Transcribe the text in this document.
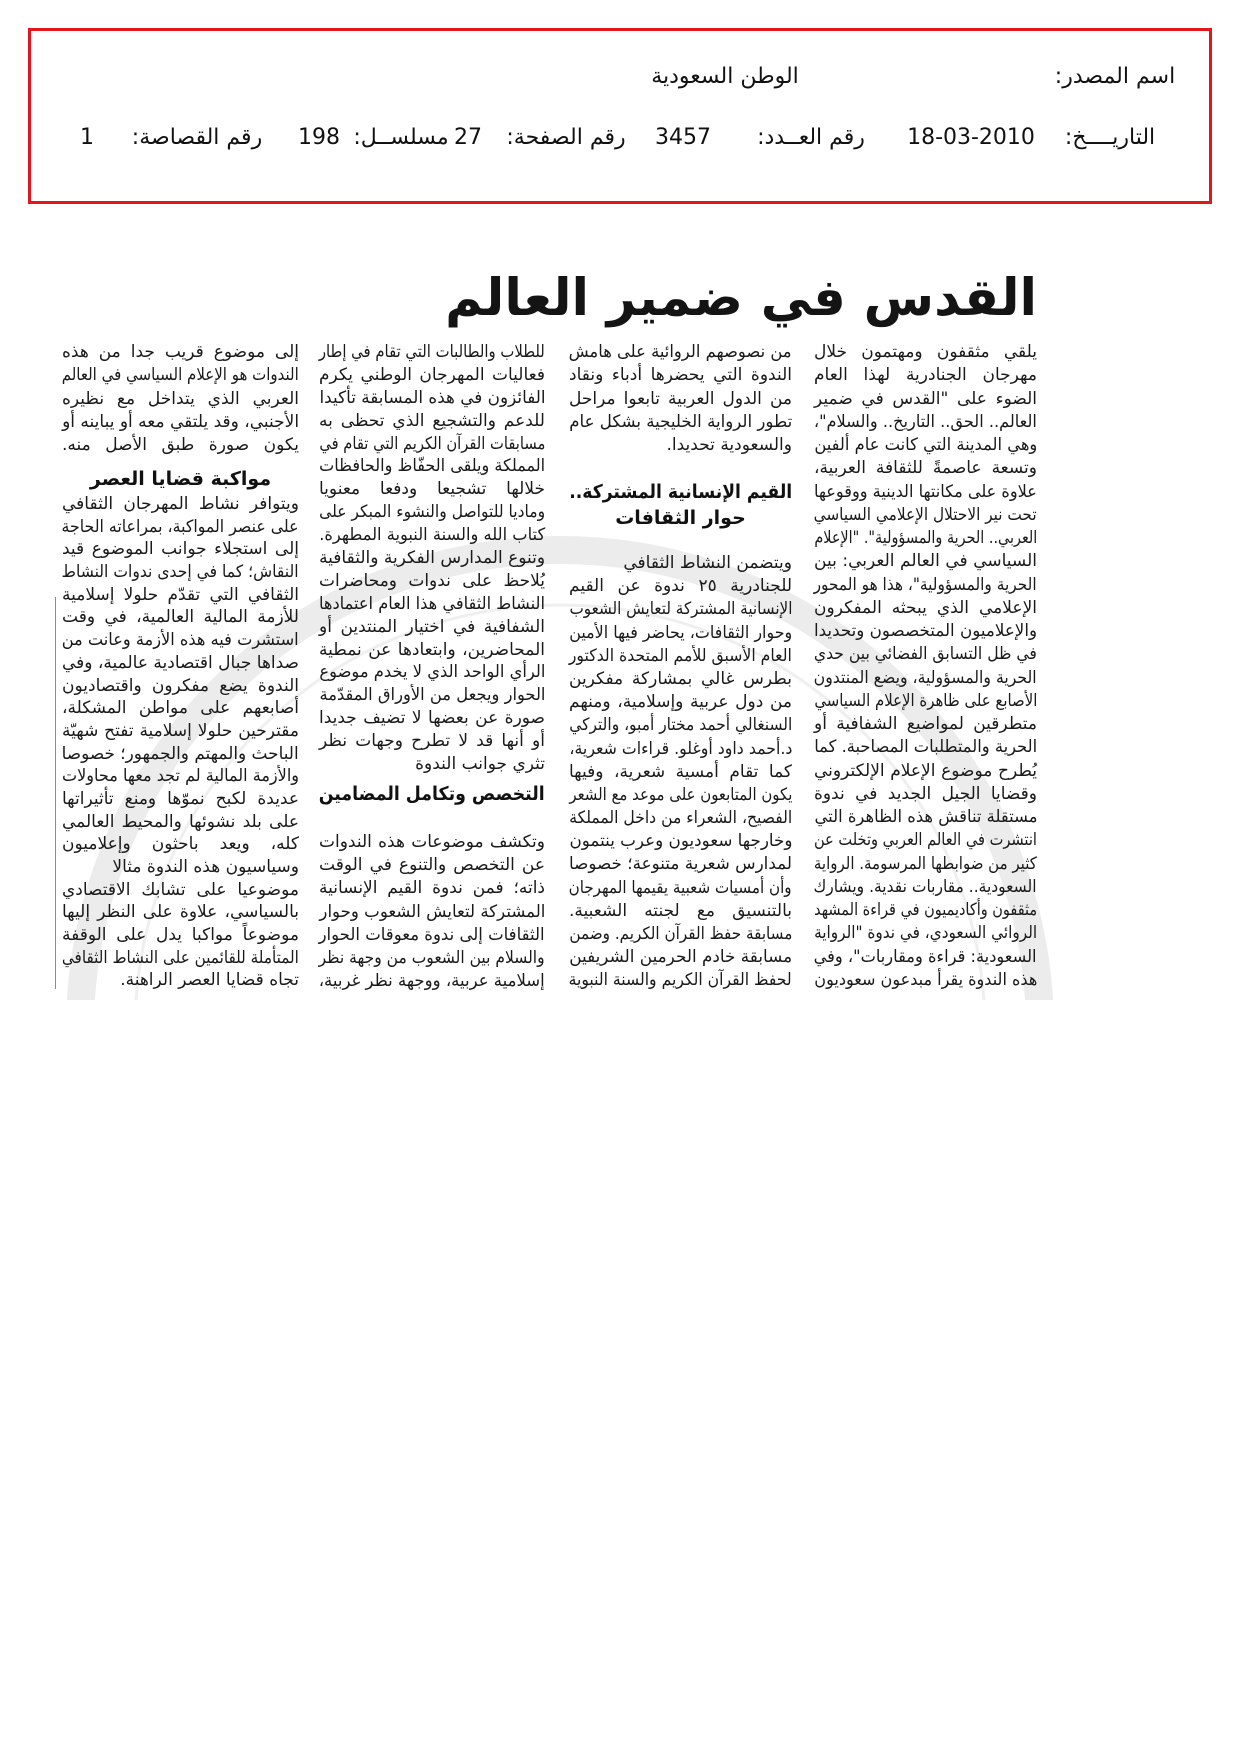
اسم المصدر:
الوطن السعودية
التاريــــخ:
18-03-2010
رقم العــدد:
3457
رقم الصفحة:
27
مسلســل:
198
رقم القصاصة:
1
القدس في ضمير العالم
يلقي مثقفون ومهتمون خلال
مهرجان الجنادرية لهذا العام
الضوء على "القدس في ضمير
العالم.. الحق.. التاريخ.. والسلام"،
وهي المدينة التي كانت عام ألفين
وتسعة عاصمةً للثقافة العربية،
علاوة على مكانتها الدينية ووقوعها
تحت نير الاحتلال الإعلامي السياسي
العربي.. الحرية والمسؤولية". "الإعلام
السياسي في العالم العربي: بين
الحرية والمسؤولية"، هذا هو المحور
الإعلامي الذي يبحثه المفكرون
والإعلاميون المتخصصون وتحديدا
في ظل التسابق الفضائي بين حدي
الحرية والمسؤولية، ويضع المنتدون
الأصابع على ظاهرة الإعلام السياسي
متطرقين لمواضيع الشفافية أو
الحرية والمتطلبات المصاحبة. كما
يُطرح موضوع الإعلام الإلكتروني
وقضايا الجيل الجديد في ندوة
مستقلة تناقش هذه الظاهرة التي
انتشرت في العالم العربي وتخلت عن
كثير من ضوابطها المرسومة. الرواية
السعودية.. مقاربات نقدية. ويشارك
مثقفون وأكاديميون في قراءة المشهد
الروائي السعودي، في ندوة "الرواية
السعودية: قراءة ومقاربات"، وفي
هذه الندوة يقرأ مبدعون سعوديون
من نصوصهم الروائية على هامش
الندوة التي يحضرها أدباء ونقاد
من الدول العربية تابعوا مراحل
تطور الرواية الخليجية بشكل عام
والسعودية تحديدا.
القيم الإنسانية المشتركة..
حوار الثقافات
ويتضمن النشاط الثقافي
للجنادرية ٢٥ ندوة عن القيم
الإنسانية المشتركة لتعايش الشعوب
وحوار الثقافات، يحاضر فيها الأمين
العام الأسبق للأمم المتحدة الدكتور
بطرس غالي بمشاركة مفكرين
من دول عربية وإسلامية، ومنهم
السنغالي أحمد مختار أمبو، والتركي
د.أحمد داود أوغلو. قراءات شعرية،
كما تقام أمسية شعرية، وفيها
يكون المتابعون على موعد مع الشعر
الفصيح، الشعراء من داخل المملكة
وخارجها سعوديون وعرب ينتمون
لمدارس شعرية متنوعة؛ خصوصا
وأن أمسيات شعبية يقيمها المهرجان
بالتنسيق مع لجنته الشعبية.
مسابقة حفظ القرآن الكريم. وضمن
مسابقة خادم الحرمين الشريفين
لحفظ القرآن الكريم والسنة النبوية
للطلاب والطالبات التي تقام في إطار
فعاليات المهرجان الوطني يكرم
الفائزون في هذه المسابقة تأكيدا
للدعم والتشجيع الذي تحظى به
مسابقات القرآن الكريم التي تقام في
المملكة ويلقى الحفّاظ والحافظات
خلالها تشجيعا ودفعا معنويا
وماديا للتواصل والنشوء المبكر على
كتاب الله والسنة النبوية المطهرة.
وتنوع المدارس الفكرية والثقافية
يُلاحظ على ندوات ومحاضرات
النشاط الثقافي هذا العام اعتمادها
الشفافية في اختيار المنتدين أو
المحاضرين، وابتعادها عن نمطية
الرأي الواحد الذي لا يخدم موضوع
الحوار ويجعل من الأوراق المقدّمة
صورة عن بعضها لا تضيف جديدا
أو أنها قد لا تطرح وجهات نظر
تثري جوانب الندوة
التخصص وتكامل المضامين
وتكشف موضوعات هذه الندوات
عن التخصص والتنوع في الوقت
ذاته؛ فمن ندوة القيم الإنسانية
المشتركة لتعايش الشعوب وحوار
الثقافات إلى ندوة معوقات الحوار
والسلام بين الشعوب من وجهة نظر
إسلامية عربية، ووجهة نظر غربية،
إلى موضوع قريب جدا من هذه
الندوات هو الإعلام السياسي في العالم
العربي الذي يتداخل مع نظيره
الأجنبي، وقد يلتقي معه أو يباينه أو
يكون صورة طبق الأصل منه.
مواكبة قضايا العصر
ويتوافر نشاط المهرجان الثقافي
على عنصر المواكبة، بمراعاته الحاجة
إلى استجلاء جوانب الموضوع قيد
النقاش؛ كما في إحدى ندوات النشاط
الثقافي التي تقدّم حلولا إسلامية
للأزمة المالية العالمية، في وقت
استشرت فيه هذه الأزمة وعانت من
صداها جبال اقتصادية عالمية، وفي
الندوة يضع مفكرون واقتصاديون
أصابعهم على مواطن المشكلة،
مقترحين حلولا إسلامية تفتح شهيّة
الباحث والمهتم والجمهور؛ خصوصا
والأزمة المالية لم تجد معها محاولات
عديدة لكبح نموّها ومنع تأثيراتها
على بلد نشوئها والمحيط العالمي
كله، ويعد باحثون وإعلاميون
وسياسيون هذه الندوة مثالا
موضوعيا على تشابك الاقتصادي
بالسياسي، علاوة على النظر إليها
موضوعاً مواكبا يدل على الوقفة
المتأملة للقائمين على النشاط الثقافي
تجاه قضايا العصر الراهنة.
